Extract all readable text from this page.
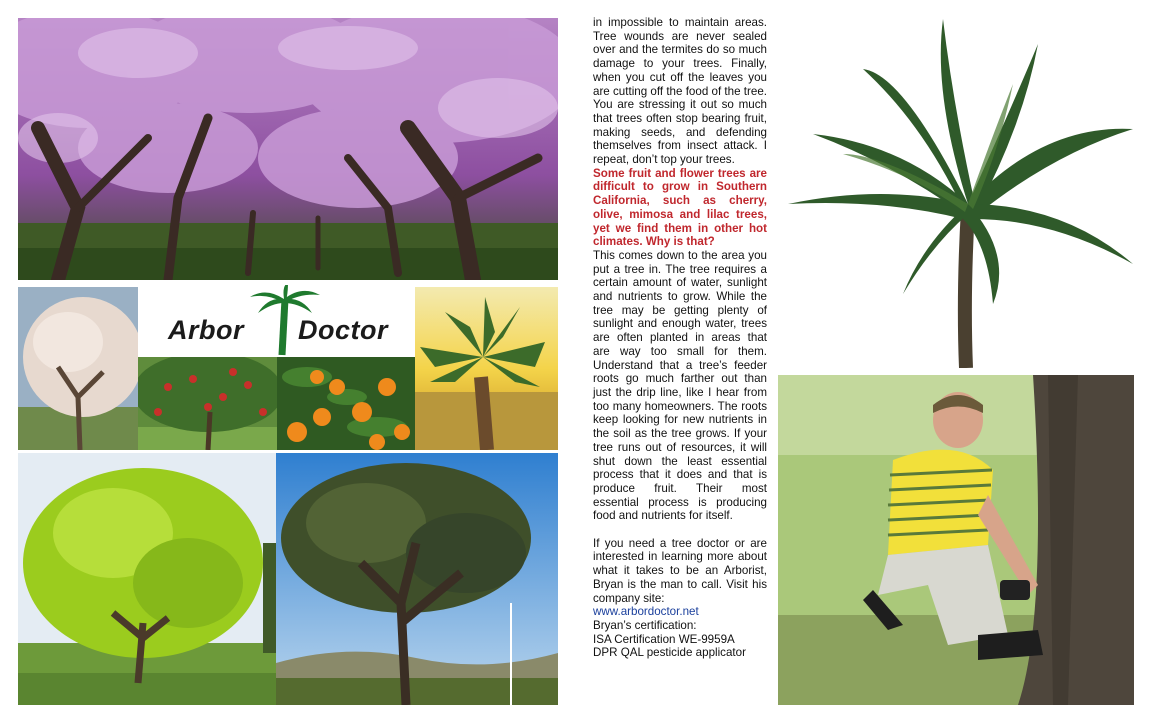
Arbor Doctor

in impossible to maintain areas. Tree wounds are never sealed over and the termites do so much damage to your trees. Finally, when you cut off the leaves you are cutting off the food of the tree. You are stressing it out so much that trees often stop bearing fruit, making seeds, and defending themselves from insect attack. I repeat, don’t top your trees.

Some fruit and flower trees are difficult to grow in Southern California, such as cherry, olive, mimosa and lilac trees, yet we find them in other hot climates. Why is that?

This comes down to the area you put a tree in. The tree requires a certain amount of water, sunlight and nutrients to grow. While the tree may be getting plenty of sunlight and enough water, trees are often planted in areas that are way too small for them. Understand that a tree’s feeder roots go much farther out than just the drip line, like I hear from too many homeowners. The roots keep looking for new nutrients in the soil as the tree grows. If your tree runs out of resources, it will shut down the least essential process that it does and that is produce fruit. Their most essential process is producing food and nutrients for itself.

If you need a tree doctor or are interested in learning more about what it takes to be an Arborist, Bryan is the man to call. Visit his company site:

www.arbordoctor.net

Bryan’s certification:

ISA Certification WE-9959A

DPR QAL pesticide applicator
